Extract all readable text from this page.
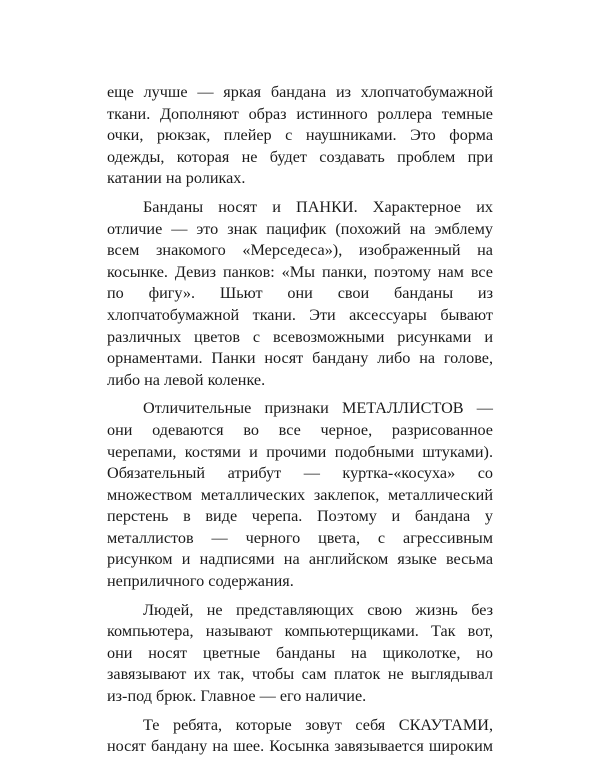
еще лучше — яркая бандана из хлопчатобумажной
ткани. Дополняют образ истинного роллера темные
очки, рюкзак, плейер с наушниками. Это форма
одежды, которая не будет создавать проблем при
катании на роликах.
Банданы носят и ПАНКИ. Характерное их
отличие — это знак пацифик (похожий на эмблему
всем знакомого «Мерседеса»), изображенный на
косынке. Девиз панков: «Мы панки, поэтому нам все
по фигу». Шьют они свои банданы из
хлопчатобумажной ткани. Эти аксессуары бывают
различных цветов с всевозможными рисунками и
орнаментами. Панки носят бандану либо на голове,
либо на левой коленке.
Отличительные признаки МЕТАЛЛИСТОВ —
они одеваются во все черное, разрисованное
черепами, костями и прочими подобными штуками).
Обязательный атрибут — куртка-«косуха» со
множеством металлических заклепок, металлический
перстень в виде черепа. Поэтому и бандана у
металлистов — черного цвета, с агрессивным
рисунком и надписями на английском языке весьма
неприличного содержания.
Людей, не представляющих свою жизнь без
компьютера, называют компьютерщиками. Так вот,
они носят цветные банданы на щиколотке, но
завязывают их так, чтобы сам платок не выглядывал
из-под брюк. Главное — его наличие.
Те ребята, которые зовут себя СКАУТАМИ,
носят бандану на шее. Косынка завязывается широким
